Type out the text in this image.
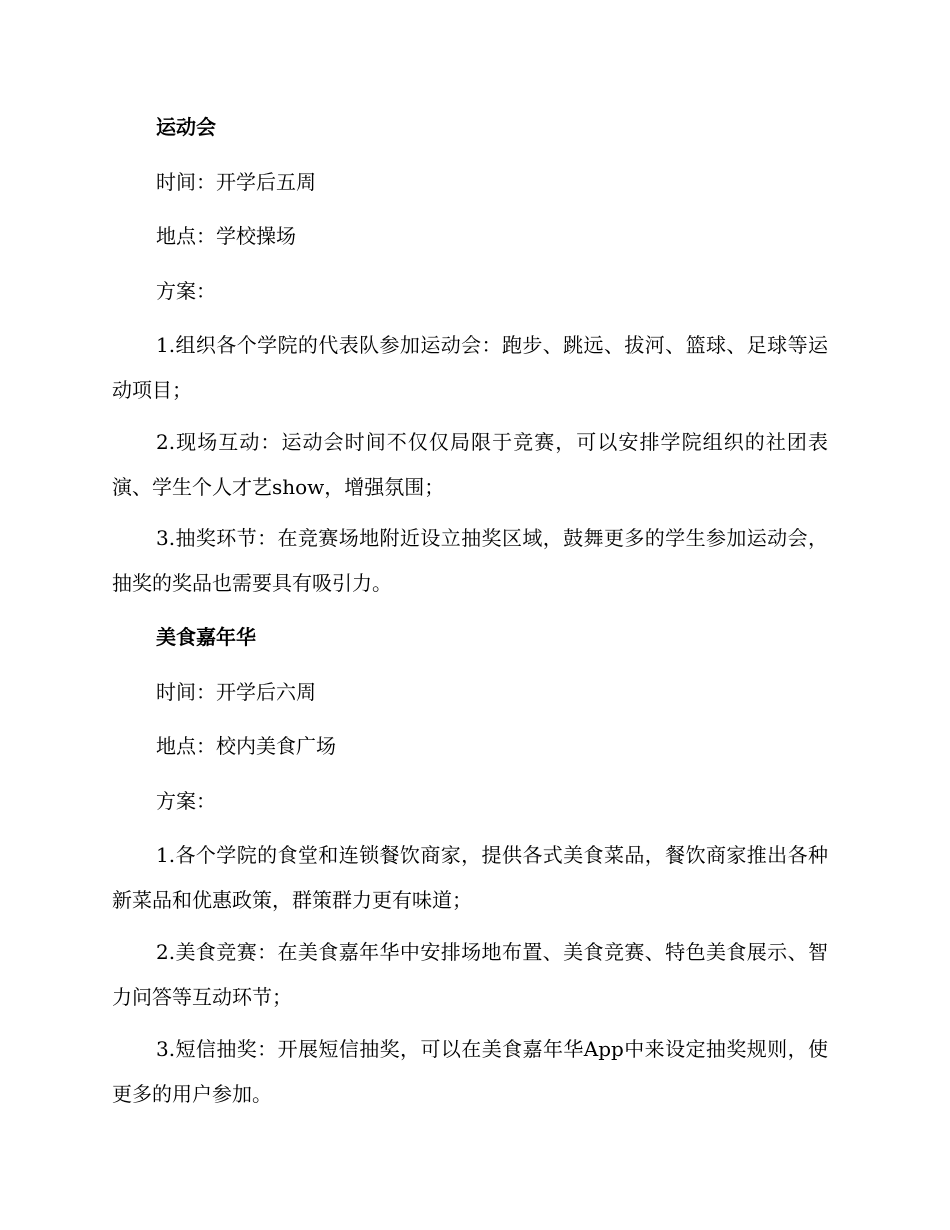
运动会

时间：开学后五周

地点：学校操场

方案：

1.组织各个学院的代表队参加运动会：跑步、跳远、拔河、篮球、足球等运动项目；

2.现场互动：运动会时间不仅仅局限于竞赛，可以安排学院组织的社团表演、学生个人才艺show，增强氛围；

3.抽奖环节：在竞赛场地附近设立抽奖区域，鼓舞更多的学生参加运动会，抽奖的奖品也需要具有吸引力。

美食嘉年华

时间：开学后六周

地点：校内美食广场

方案：

1.各个学院的食堂和连锁餐饮商家，提供各式美食菜品，餐饮商家推出各种新菜品和优惠政策，群策群力更有味道；

2.美食竞赛：在美食嘉年华中安排场地布置、美食竞赛、特色美食展示、智力问答等互动环节；

3.短信抽奖：开展短信抽奖，可以在美食嘉年华App中来设定抽奖规则，使更多的用户参加。
